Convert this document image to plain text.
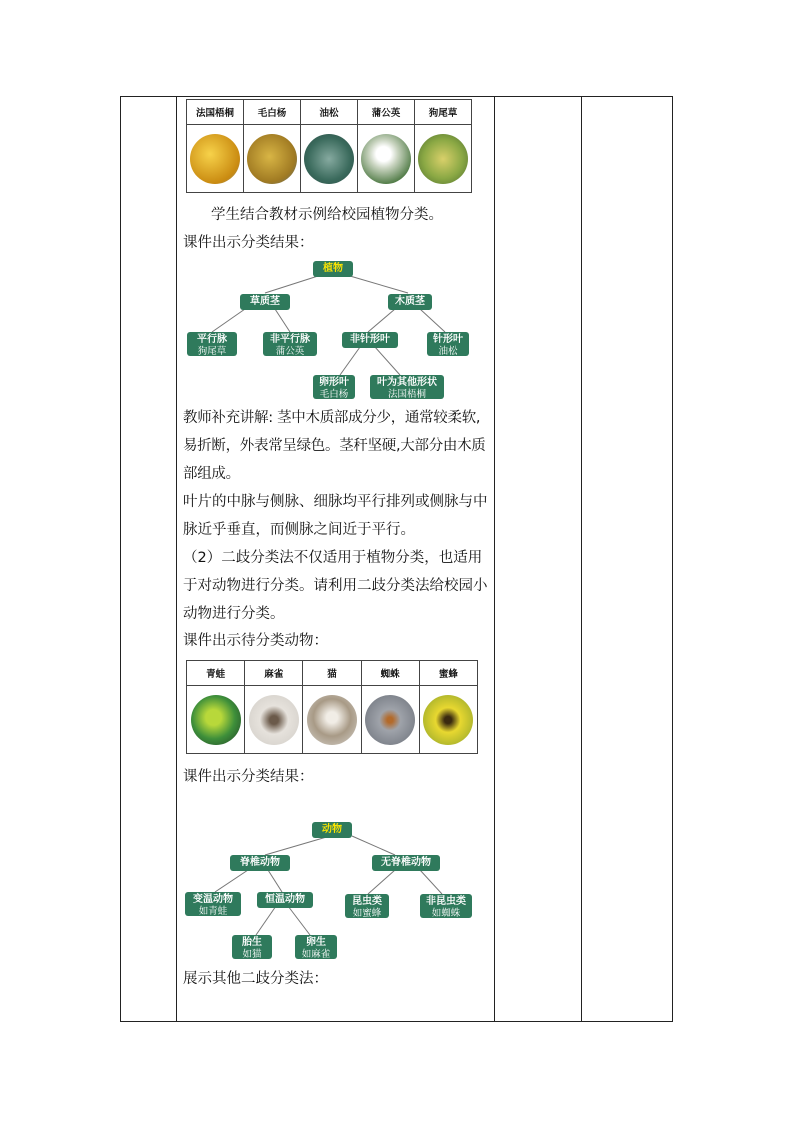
法国梧桐	毛白杨	油松	蒲公英	狗尾草

学生结合教材示例给校园植物分类。
课件出示分类结果：
教师补充讲解: 茎中木质部成分少，通常较柔软,易折断，外表常呈绿色。茎秆坚硬,大部分由木质部组成。
叶片的中脉与侧脉、细脉均平行排列或侧脉与中脉近乎垂直，而侧脉之间近于平行。
（2）二歧分类法不仅适用于植物分类，也适用于对动物进行分类。请利用二歧分类法给校园小动物进行分类。
课件出示待分类动物：
课件出示分类结果：
展示其他二歧分类法：
植物
草质茎	木质茎
平行脉
狗尾草
非平行脉
蒲公英
非针形叶	针形叶
油松
卵形叶
毛白杨
叶为其他形状
法国梧桐
青蛙	麻雀	猫	蜘蛛	蜜蜂

动物
脊椎动物	无脊椎动物
变温动物
如青蛙
恒温动物	昆虫类
如蜜蜂
非昆虫类
如蜘蛛
胎生
如猫
卵生
如麻雀
